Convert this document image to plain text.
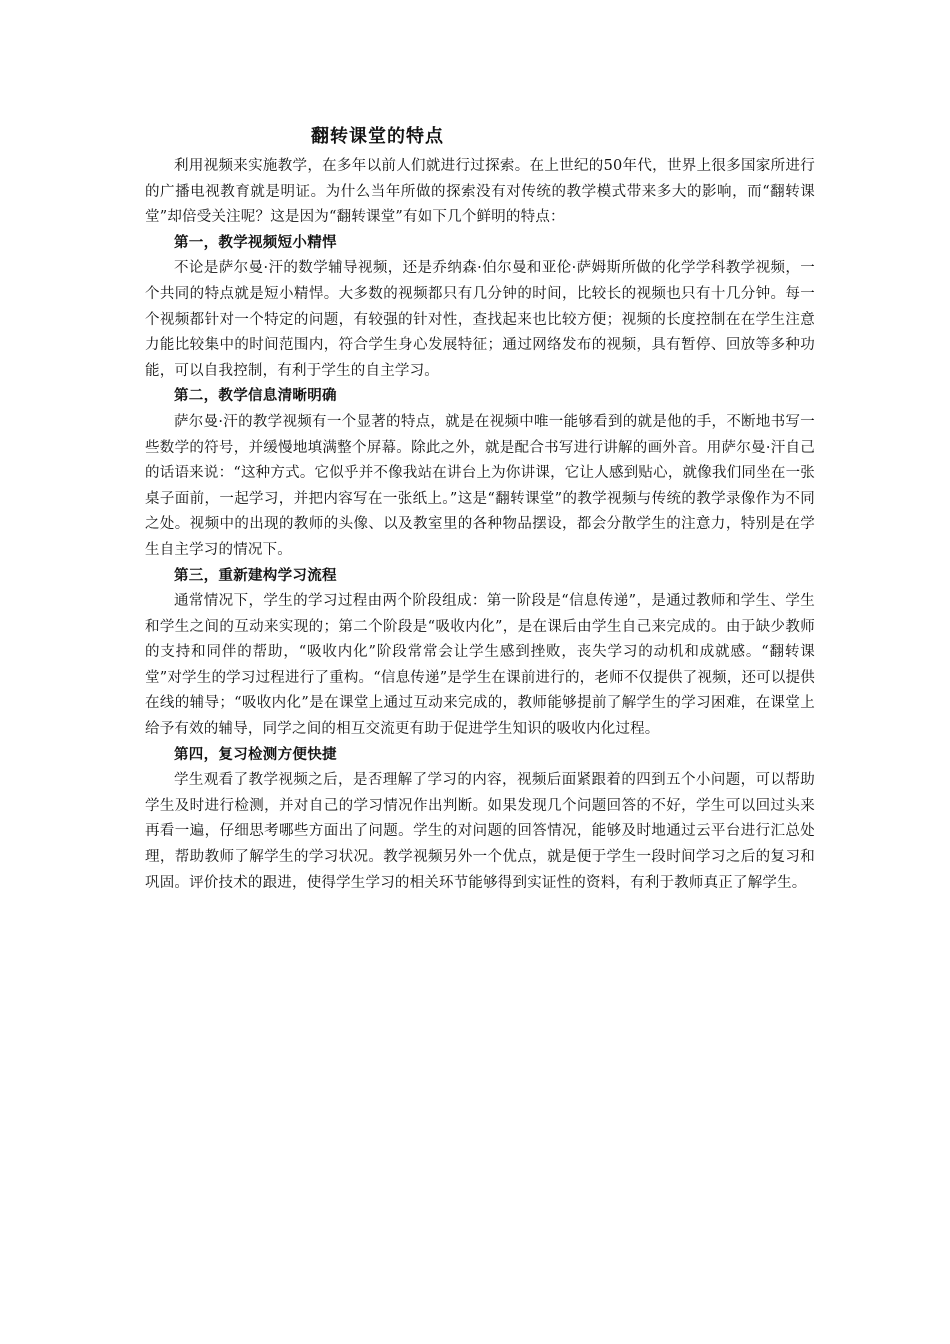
翻转课堂的特点

利用视频来实施教学，在多年以前人们就进行过探索。在上世纪的50年代，世界上很多国家所进行的广播电视教育就是明证。为什么当年所做的探索没有对传统的教学模式带来多大的影响，而“翻转课堂”却倍受关注呢？这是因为“翻转课堂”有如下几个鲜明的特点：

第一，教学视频短小精悍

不论是萨尔曼·汗的数学辅导视频，还是乔纳森·伯尔曼和亚伦·萨姆斯所做的化学学科教学视频，一个共同的特点就是短小精悍。大多数的视频都只有几分钟的时间，比较长的视频也只有十几分钟。每一个视频都针对一个特定的问题，有较强的针对性，查找起来也比较方便；视频的长度控制在在学生注意力能比较集中的时间范围内，符合学生身心发展特征；通过网络发布的视频，具有暂停、回放等多种功能，可以自我控制，有利于学生的自主学习。

第二，教学信息清晰明确

萨尔曼·汗的教学视频有一个显著的特点，就是在视频中唯一能够看到的就是他的手，不断地书写一些数学的符号，并缓慢地填满整个屏幕。除此之外，就是配合书写进行讲解的画外音。用萨尔曼·汗自己的话语来说：“这种方式。它似乎并不像我站在讲台上为你讲课，它让人感到贴心，就像我们同坐在一张桌子面前，一起学习，并把内容写在一张纸上。”这是“翻转课堂”的教学视频与传统的教学录像作为不同之处。视频中的出现的教师的头像、以及教室里的各种物品摆设，都会分散学生的注意力，特别是在学生自主学习的情况下。

第三，重新建构学习流程

通常情况下，学生的学习过程由两个阶段组成：第一阶段是“信息传递”，是通过教师和学生、学生和学生之间的互动来实现的；第二个阶段是“吸收内化”，是在课后由学生自己来完成的。由于缺少教师的支持和同伴的帮助，“吸收内化”阶段常常会让学生感到挫败，丧失学习的动机和成就感。“翻转课堂”对学生的学习过程进行了重构。“信息传递”是学生在课前进行的，老师不仅提供了视频，还可以提供在线的辅导；“吸收内化”是在课堂上通过互动来完成的，教师能够提前了解学生的学习困难，在课堂上给予有效的辅导，同学之间的相互交流更有助于促进学生知识的吸收内化过程。

第四，复习检测方便快捷

学生观看了教学视频之后，是否理解了学习的内容，视频后面紧跟着的四到五个小问题，可以帮助学生及时进行检测，并对自己的学习情况作出判断。如果发现几个问题回答的不好，学生可以回过头来再看一遍，仔细思考哪些方面出了问题。学生的对问题的回答情况，能够及时地通过云平台进行汇总处理，帮助教师了解学生的学习状况。教学视频另外一个优点，就是便于学生一段时间学习之后的复习和巩固。评价技术的跟进，使得学生学习的相关环节能够得到实证性的资料，有利于教师真正了解学生。
